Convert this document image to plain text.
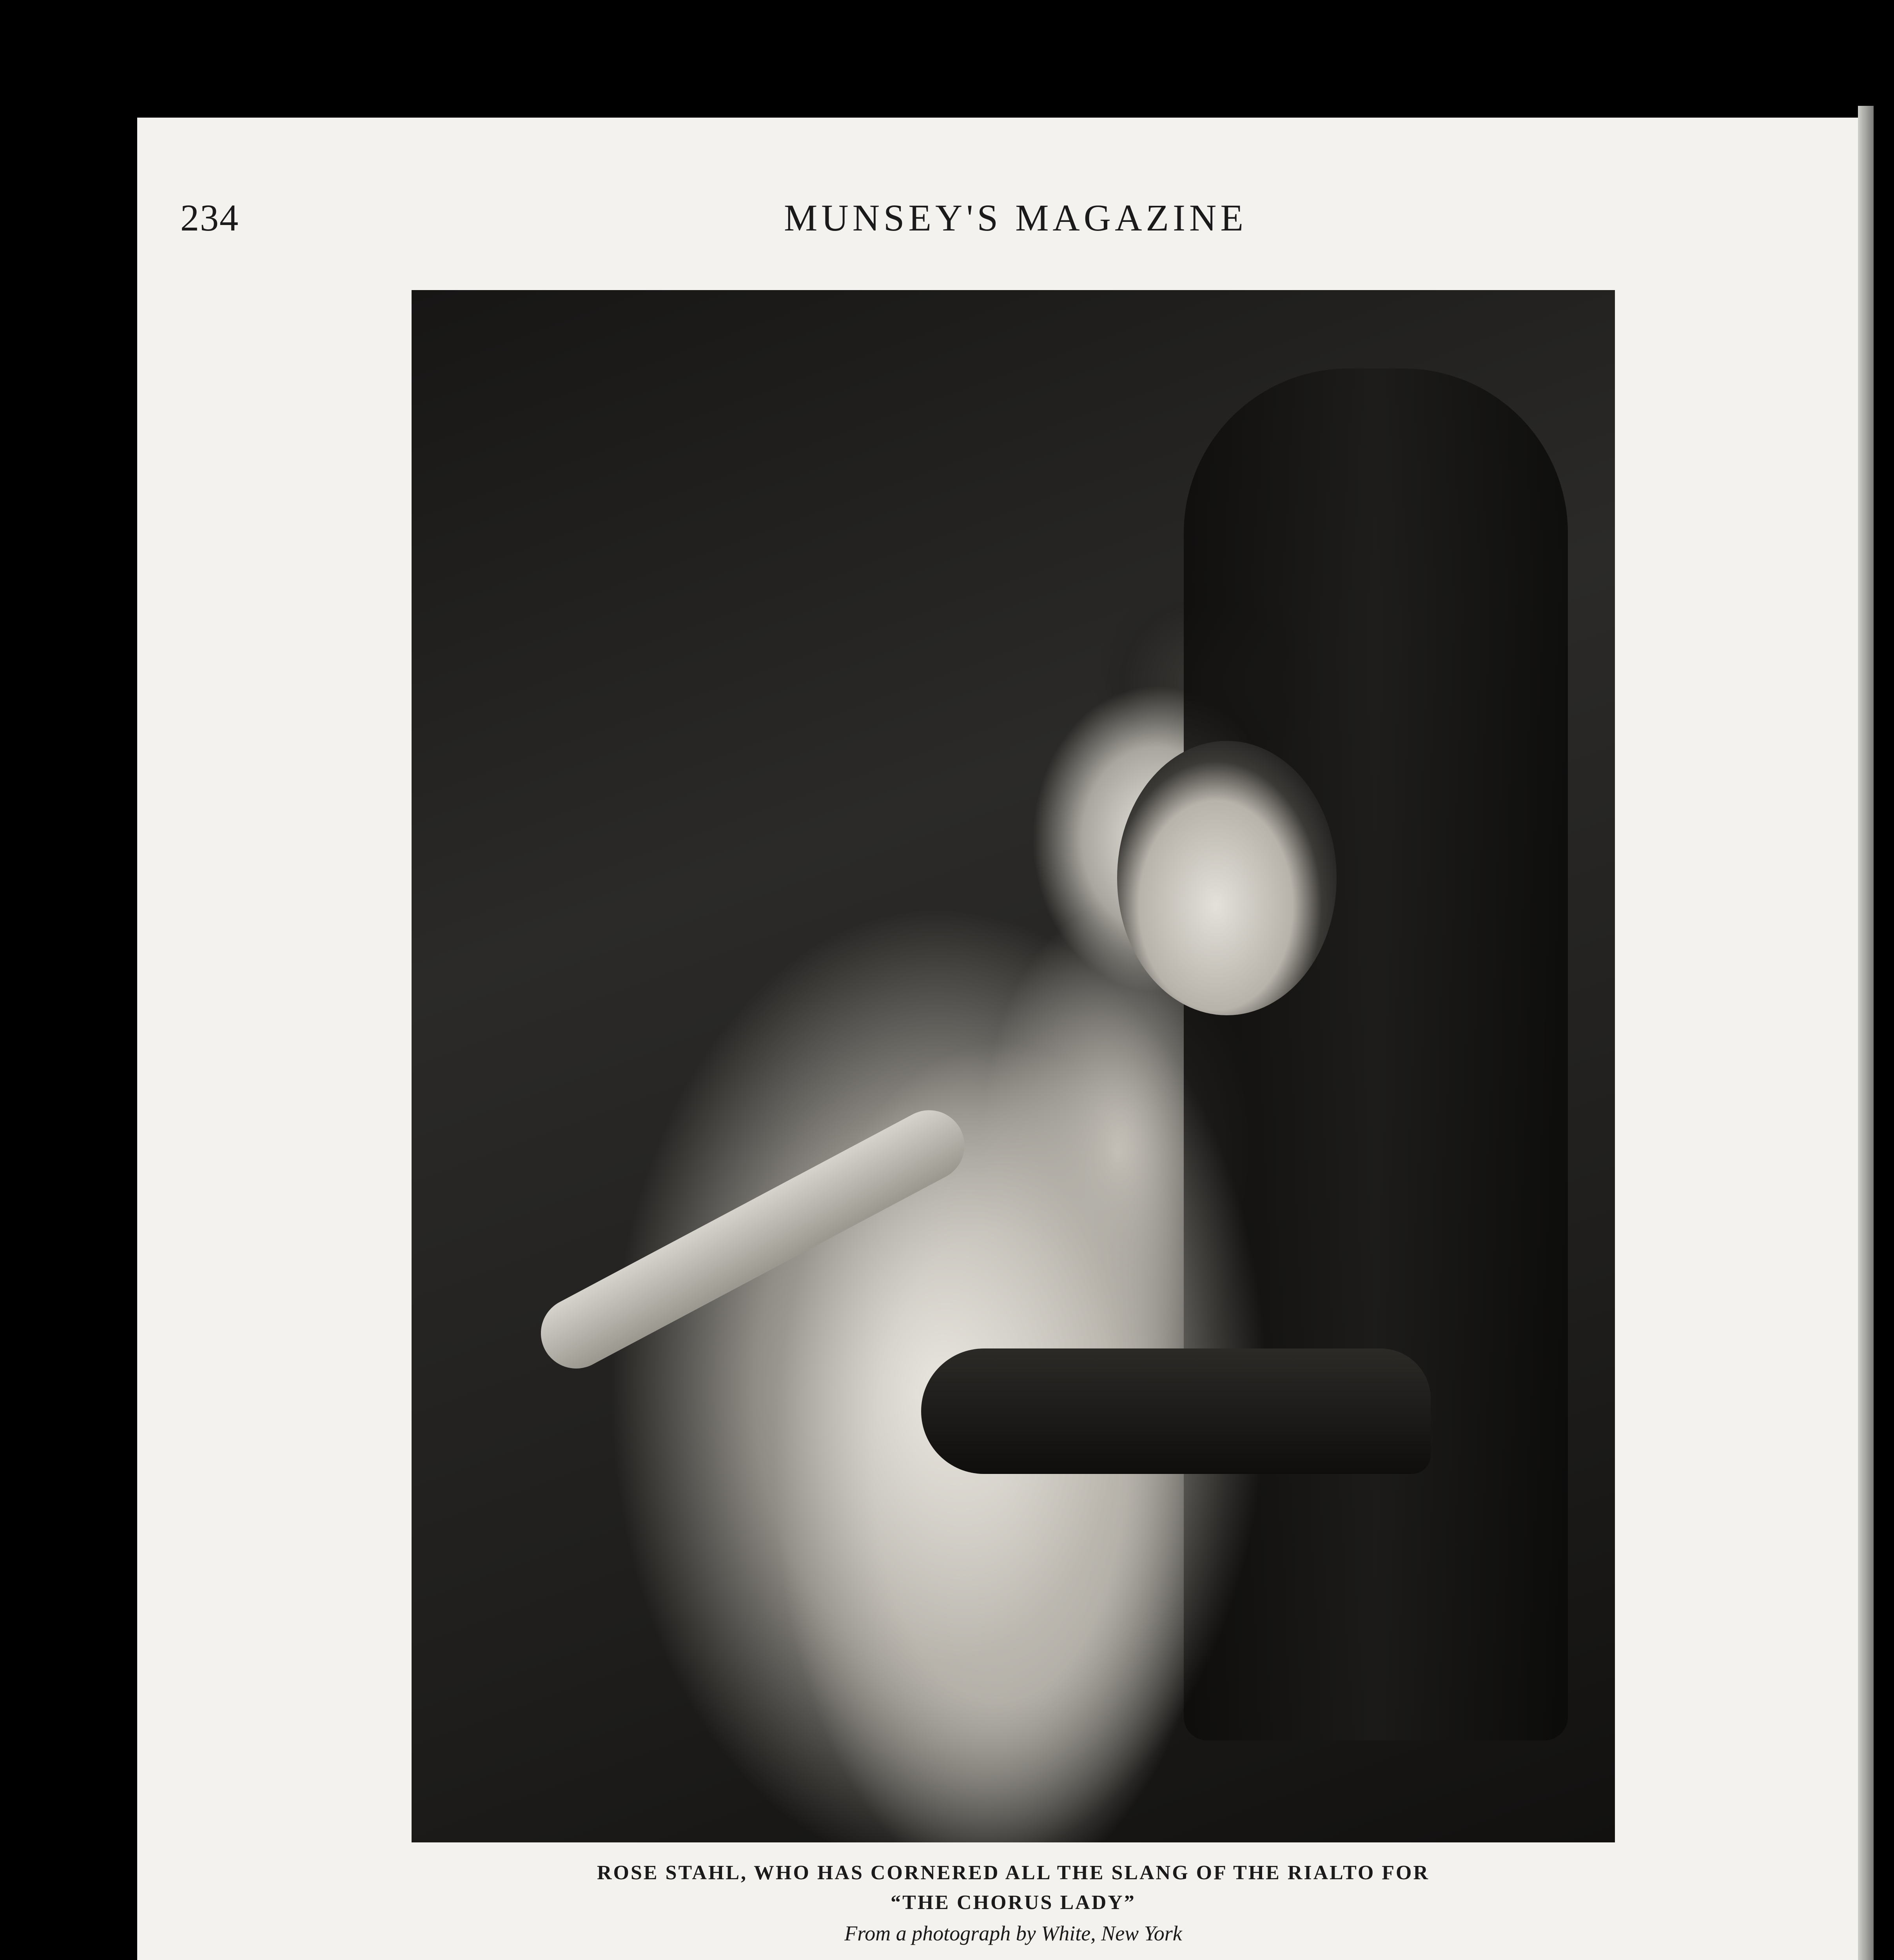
234	MUNSEY'S MAGAZINE
ROSE STAHL, WHO HAS CORNERED ALL THE SLANG OF THE RIALTO FOR
“THE CHORUS LADY”
From a photograph by White, New York
